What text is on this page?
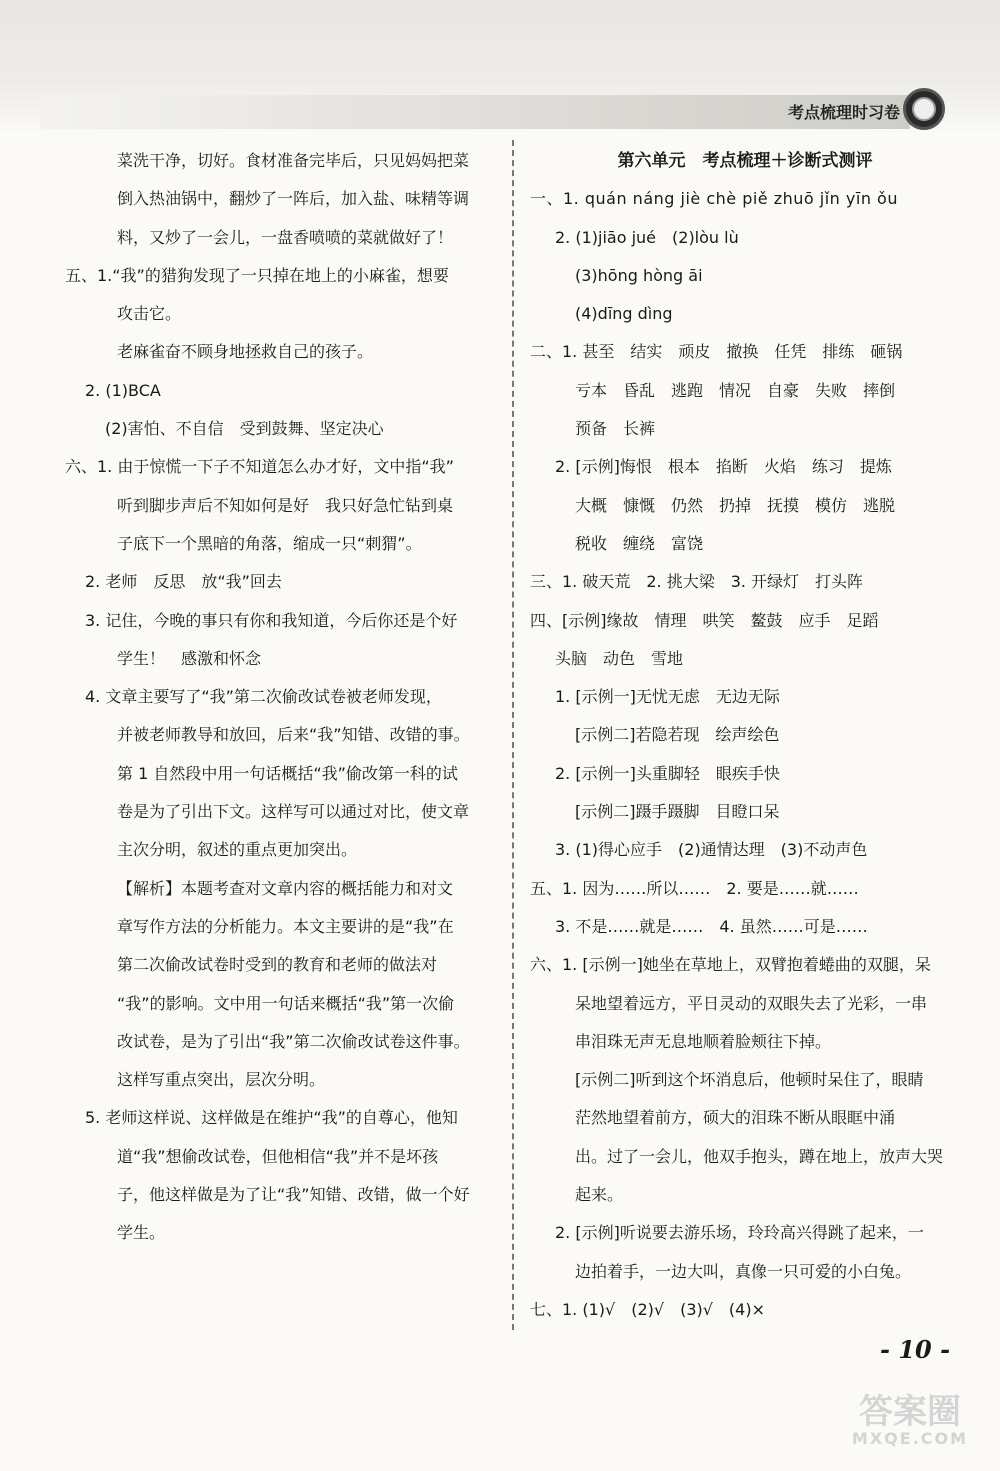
考点梳理时习卷
菜洗干净，切好。食材准备完毕后，只见妈妈把菜
倒入热油锅中，翻炒了一阵后，加入盐、味精等调
料，又炒了一会儿，一盘香喷喷的菜就做好了！
五、1.“我”的猎狗发现了一只掉在地上的小麻雀，想要
攻击它。
老麻雀奋不顾身地拯救自己的孩子。
2. (1)BCA
(2)害怕、不自信　受到鼓舞、坚定决心
六、1. 由于惊慌一下子不知道怎么办才好，文中指“我”
听到脚步声后不知如何是好　我只好急忙钻到桌
子底下一个黑暗的角落，缩成一只“刺猬”。
2. 老师　反思　放“我”回去
3. 记住，今晚的事只有你和我知道，今后你还是个好
学生！　感激和怀念
4. 文章主要写了“我”第二次偷改试卷被老师发现，
并被老师教导和放回，后来“我”知错、改错的事。
第 1 自然段中用一句话概括“我”偷改第一科的试
卷是为了引出下文。这样写可以通过对比，使文章
主次分明，叙述的重点更加突出。
【解析】本题考查对文章内容的概括能力和对文
章写作方法的分析能力。本文主要讲的是“我”在
第二次偷改试卷时受到的教育和老师的做法对
“我”的影响。文中用一句话来概括“我”第一次偷
改试卷，是为了引出“我”第二次偷改试卷这件事。
这样写重点突出，层次分明。
5. 老师这样说、这样做是在维护“我”的自尊心，他知
道“我”想偷改试卷，但他相信“我”并不是坏孩
子，他这样做是为了让“我”知错、改错，做一个好
学生。
第六单元　考点梳理＋诊断式测评
一、1. quán náng jiè chè piě zhuō jǐn yīn ǒu
2. (1)jiāo jué　(2)lòu lù
(3)hōng hòng āi
(4)dīng dìng
二、1. 甚至　结实　顽皮　撤换　任凭　排练　砸锅
亏本　昏乱　逃跑　情况　自豪　失败　摔倒
预备　长裤
2. [示例]悔恨　根本　掐断　火焰　练习　提炼
大概　慷慨　仍然　扔掉　抚摸　模仿　逃脱
税收　缠绕　富饶
三、1. 破天荒　2. 挑大梁　3. 开绿灯　打头阵
四、[示例]缘故　情理　哄笑　鳌鼓　应手　足蹈
头脑　动色　雪地
1. [示例一]无忧无虑　无边无际
[示例二]若隐若现　绘声绘色
2. [示例一]头重脚轻　眼疾手快
[示例二]蹑手蹑脚　目瞪口呆
3. (1)得心应手　(2)通情达理　(3)不动声色
五、1. 因为……所以……　2. 要是……就……
3. 不是……就是……　4. 虽然……可是……
六、1. [示例一]她坐在草地上，双臂抱着蜷曲的双腿，呆
呆地望着远方，平日灵动的双眼失去了光彩，一串
串泪珠无声无息地顺着脸颊往下掉。
[示例二]听到这个坏消息后，他顿时呆住了，眼睛
茫然地望着前方，硕大的泪珠不断从眼眶中涌
出。过了一会儿，他双手抱头，蹲在地上，放声大哭
起来。
2. [示例]听说要去游乐场，玲玲高兴得跳了起来，一
边拍着手，一边大叫，真像一只可爱的小白兔。
七、1. (1)√　(2)√　(3)√　(4)×
- 10 -
答案圈
MXQE.COM
